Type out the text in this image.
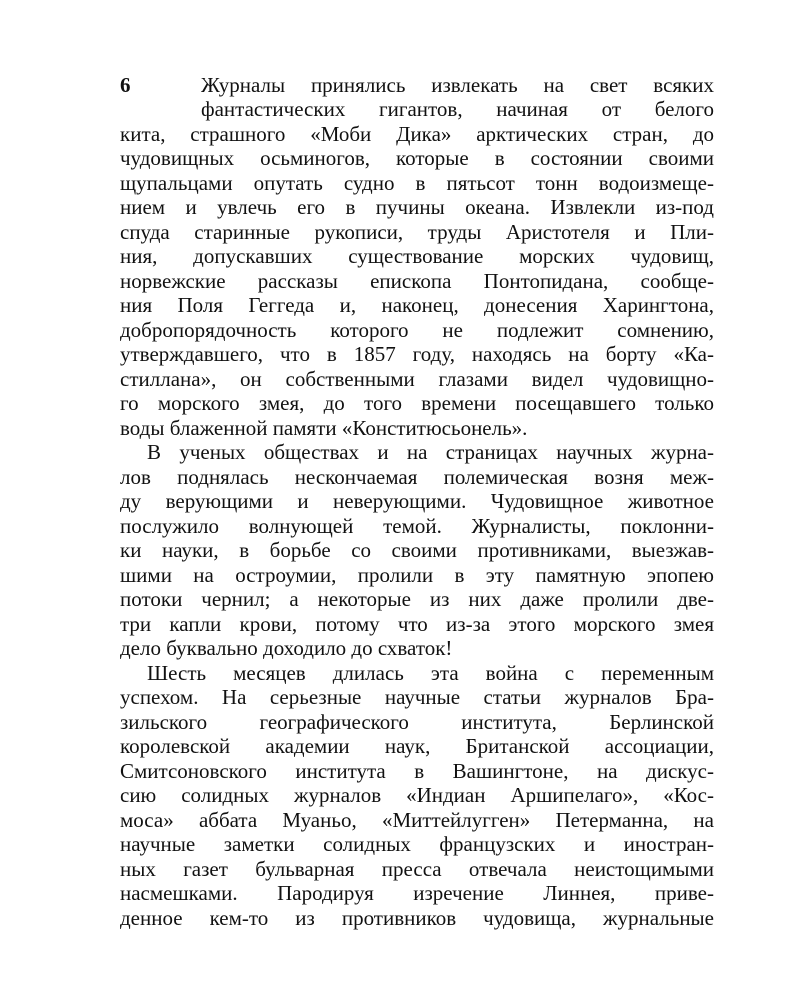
6	Журналы принялись извлекать на свет всяких
фантастических гигантов, начиная от белого
кита, страшного «Моби Дика» арктических стран, до
чудовищных осьминогов, которые в состоянии своими
щупальцами опутать судно в пятьсот тонн водоизмеще-
нием и увлечь его в пучины океана. Извлекли из-под
спуда старинные рукописи, труды Аристотеля и Пли-
ния, допускавших существование морских чудовищ,
норвежские рассказы епископа Понтопидана, сообще-
ния Поля Геггеда и, наконец, донесения Харингтона,
добропорядочность которого не подлежит сомнению,
утверждавшего, что в 1857 году, находясь на борту «Ка-
стиллана», он собственными глазами видел чудовищно-
го морского змея, до того времени посещавшего только
воды блаженной памяти «Конститюсьонель».
В ученых обществах и на страницах научных журна-
лов поднялась нескончаемая полемическая возня меж-
ду верующими и неверующими. Чудовищное животное
послужило волнующей темой. Журналисты, поклонни-
ки науки, в борьбе со своими противниками, выезжав-
шими на остроумии, пролили в эту памятную эпопею
потоки чернил; а некоторые из них даже пролили две-
три капли крови, потому что из-за этого морского змея
дело буквально доходило до схваток!
Шесть месяцев длилась эта война с переменным
успехом. На серьезные научные статьи журналов Бра-
зильского географического института, Берлинской
королевской академии наук, Британской ассоциации,
Смитсоновского института в Вашингтоне, на дискус-
сию солидных журналов «Индиан Аршипелаго», «Кос-
моса» аббата Муаньо, «Миттейлугген» Петерманна, на
научные заметки солидных французских и иностран-
ных газет бульварная пресса отвечала неистощимыми
насмешками. Пародируя изречение Линнея, приве-
денное кем-то из противников чудовища, журнальные
